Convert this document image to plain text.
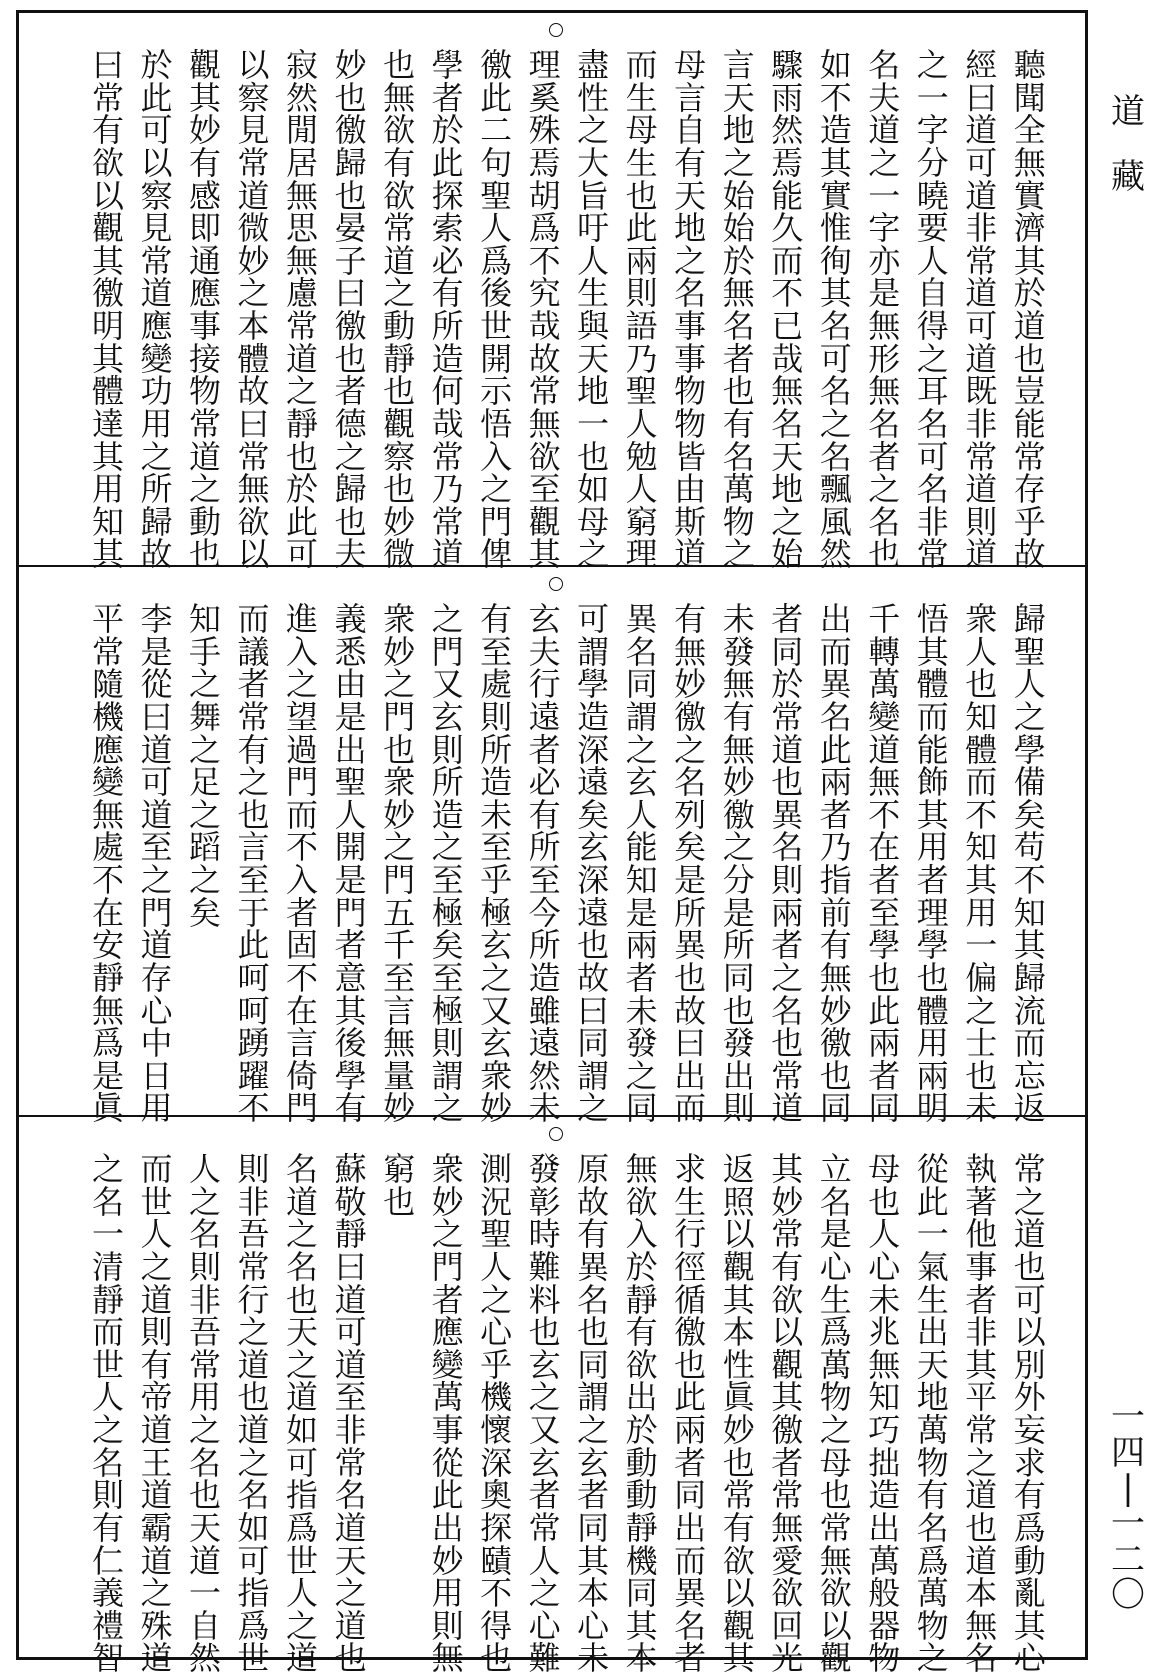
聽聞全無實濟其於道也豈能常存乎故
經曰道可道非常道可道既非常道則道
之一字分曉要人自得之耳名可名非常
名夫道之一字亦是無形無名者之名也
如不造其實惟徇其名可名之名飄風然
驟雨然焉能久而不已哉無名天地之始
言天地之始始於無名者也有名萬物之
母言自有天地之名事事物物皆由斯道
而生母生也此兩則語乃聖人勉人窮理
盡性之大旨吁人生與天地一也如母之
理奚殊焉胡爲不究哉故常無欲至觀其
徼此二句聖人爲後世開示悟入之門俾
學者於此探索必有所造何哉常乃常道
也無欲有欲常道之動靜也觀察也妙微
妙也徼歸也晏子曰徼也者德之歸也夫
寂然閒居無思無慮常道之靜也於此可
以察見常道微妙之本體故曰常無欲以
觀其妙有感即通應事接物常道之動也
於此可以察見常道應變功用之所歸故
曰常有欲以觀其徼明其體達其用知其
歸聖人之學備矣苟不知其歸流而忘返
衆人也知體而不知其用一偏之士也未
悟其體而能飾其用者理學也體用兩明
千轉萬變道無不在者至學也此兩者同
出而異名此兩者乃指前有無妙徼也同
者同於常道也異名則兩者之名也常道
未發無有無妙徼之分是所同也發出則
有無妙徼之名列矣是所異也故曰出而
異名同謂之玄人能知是兩者未發之同
可謂學造深遠矣玄深遠也故曰同謂之
玄夫行遠者必有所至今所造雖遠然未
有至處則所造未至乎極玄之又玄衆妙
之門又玄則所造之至極矣至極則謂之
衆妙之門也衆妙之門五千至言無量妙
義悉由是出聖人開是門者意其後學有
進入之望過門而不入者固不在言倚門
而議者常有之也言至于此呵呵踴躍不
知手之舞之足之蹈之矣
李是從曰道可道至之門道存心中日用
平常隨機應變無處不在安靜無爲是眞
常之道也可以別外妄求有爲動亂其心
執著他事者非其平常之道也道本無名
從此一氣生出天地萬物有名爲萬物之
母也人心未兆無知巧拙造出萬般器物
立名是心生爲萬物之母也常無欲以觀
其妙常有欲以觀其徼者常無愛欲回光
返照以觀其本性眞妙也常有欲以觀其
求生行徑循徼也此兩者同出而異名者
無欲入於靜有欲出於動動靜機同其本
原故有異名也同謂之玄者同其本心未
發彰時難料也玄之又玄者常人之心難
測況聖人之心乎機懷深奧探賾不得也
衆妙之門者應變萬事從此出妙用則無
窮也
蘇敬靜曰道可道至非常名道天之道也
名道之名也天之道如可指爲世人之道
則非吾常行之道也道之名如可指爲世
人之名則非吾常用之名也天道一自然
而世人之道則有帝道王道霸道之殊道
之名一清靜而世人之名則有仁義禮智
道
藏
一
四
|
一
二
〇
